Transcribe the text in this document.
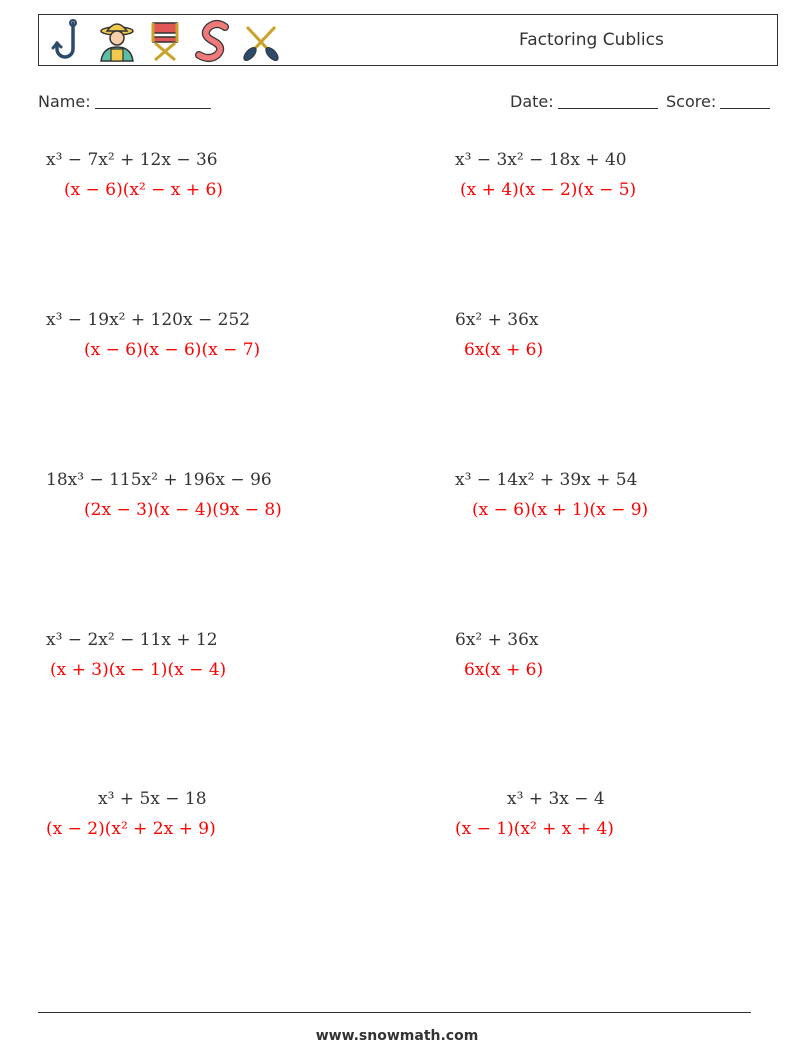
Factoring Cublics
Name:	Date:	Score:
x³ − 7x² + 12x − 36
(x − 6)(x² − x + 6)
x³ − 3x² − 18x + 40
(x + 4)(x − 2)(x − 5)
x³ − 19x² + 120x − 252
(x − 6)(x − 6)(x − 7)
6x² + 36x
6x(x + 6)
18x³ − 115x² + 196x − 96
(2x − 3)(x − 4)(9x − 8)
x³ − 14x² + 39x + 54
(x − 6)(x + 1)(x − 9)
x³ − 2x² − 11x + 12
(x + 3)(x − 1)(x − 4)
6x² + 36x
6x(x + 6)
x³ + 5x − 18
(x − 2)(x² + 2x + 9)
x³ + 3x − 4
(x − 1)(x² + x + 4)
www.snowmath.com
